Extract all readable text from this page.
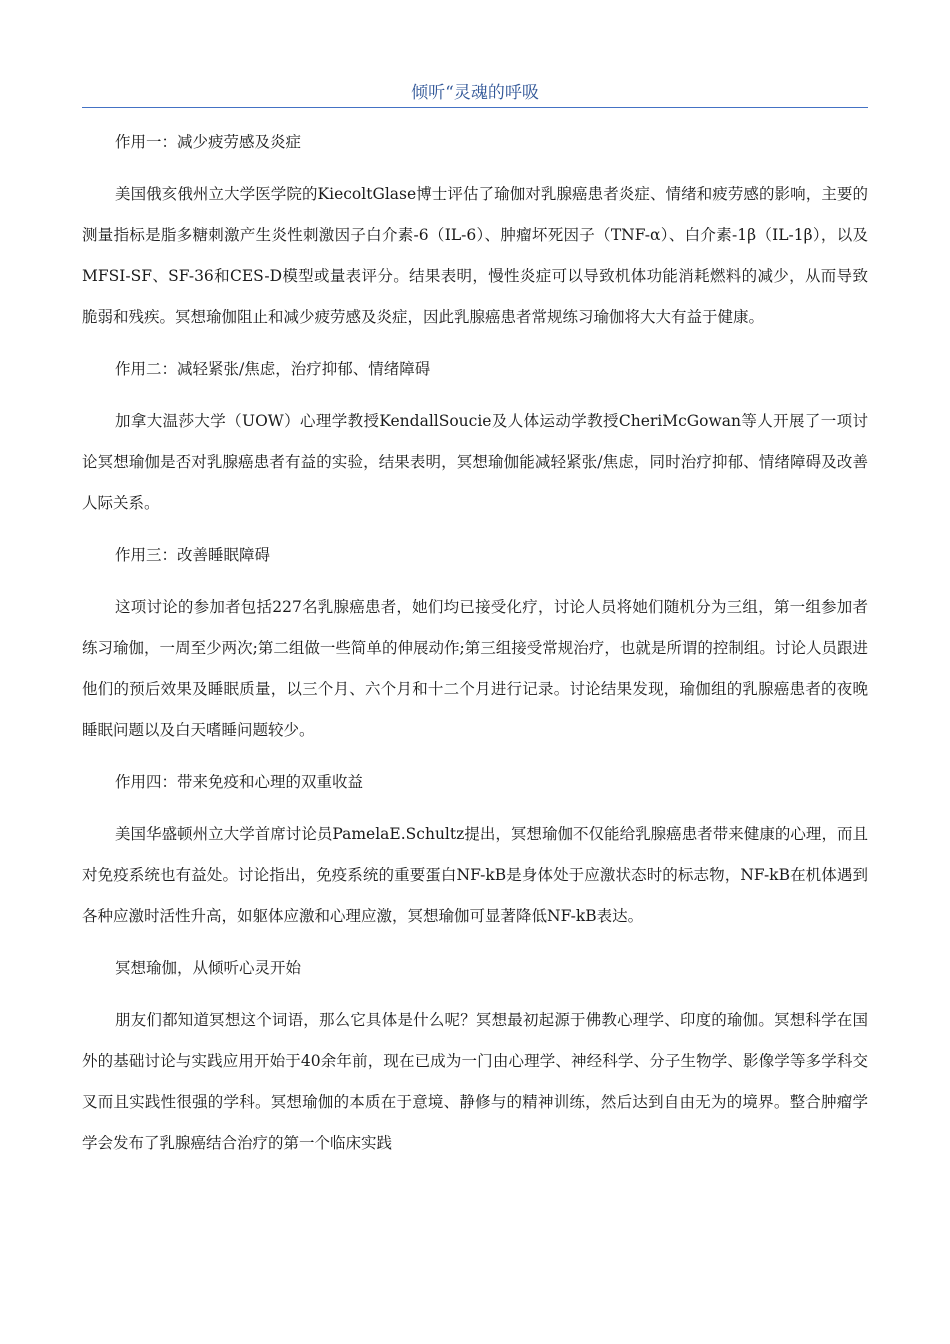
倾听“灵魂的呼吸

作用一：减少疲劳感及炎症

美国俄亥俄州立大学医学院的KiecoltGlase博士评估了瑜伽对乳腺癌患者炎症、情绪和疲劳感的影响，主要的测量指标是脂多糖刺激产生炎性刺激因子白介素-6（IL-6）、肿瘤坏死因子（TNF-α）、白介素-1β（IL-1β），以及MFSI-SF、SF-36和CES-D模型或量表评分。结果表明，慢性炎症可以导致机体功能消耗燃料的减少，从而导致脆弱和残疾。冥想瑜伽阻止和减少疲劳感及炎症，因此乳腺癌患者常规练习瑜伽将大大有益于健康。

作用二：减轻紧张/焦虑，治疗抑郁、情绪障碍

加拿大温莎大学（UOW）心理学教授KendallSoucie及人体运动学教授CheriMcGowan等人开展了一项讨论冥想瑜伽是否对乳腺癌患者有益的实验，结果表明，冥想瑜伽能减轻紧张/焦虑，同时治疗抑郁、情绪障碍及改善人际关系。

作用三：改善睡眠障碍

这项讨论的参加者包括227名乳腺癌患者，她们均已接受化疗，讨论人员将她们随机分为三组，第一组参加者练习瑜伽，一周至少两次;第二组做一些简单的伸展动作;第三组接受常规治疗，也就是所谓的控制组。讨论人员跟进他们的预后效果及睡眠质量，以三个月、六个月和十二个月进行记录。讨论结果发现，瑜伽组的乳腺癌患者的夜晚睡眠问题以及白天嗜睡问题较少。

作用四：带来免疫和心理的双重收益

美国华盛顿州立大学首席讨论员PamelaE.Schultz提出，冥想瑜伽不仅能给乳腺癌患者带来健康的心理，而且对免疫系统也有益处。讨论指出，免疫系统的重要蛋白NF-kB是身体处于应激状态时的标志物，NF-kB在机体遇到各种应激时活性升高，如躯体应激和心理应激，冥想瑜伽可显著降低NF-kB表达。

冥想瑜伽，从倾听心灵开始

朋友们都知道冥想这个词语，那么它具体是什么呢？冥想最初起源于佛教心理学、印度的瑜伽。冥想科学在国外的基础讨论与实践应用开始于40余年前，现在已成为一门由心理学、神经科学、分子生物学、影像学等多学科交叉而且实践性很强的学科。冥想瑜伽的本质在于意境、静修与的精神训练，然后达到自由无为的境界。整合肿瘤学学会发布了乳腺癌结合治疗的第一个临床实践
